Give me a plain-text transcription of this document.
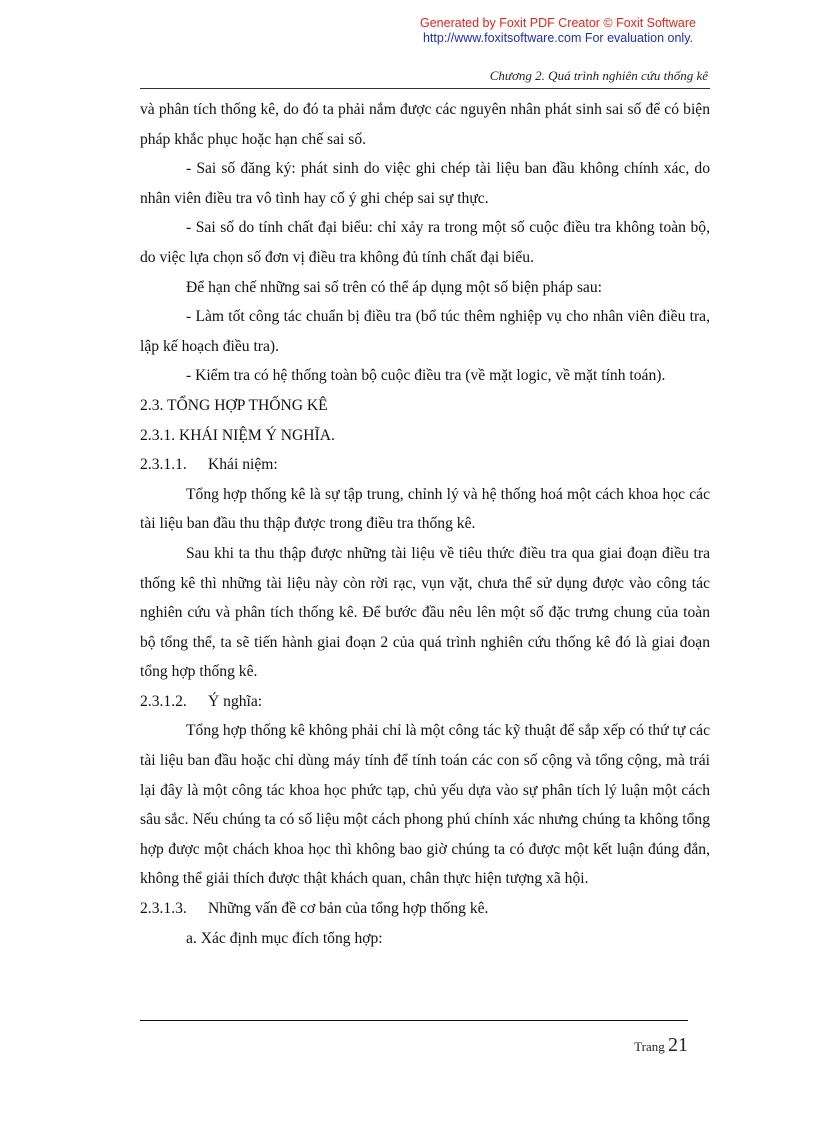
Generated by Foxit PDF Creator © Foxit Software
http://www.foxitsoftware.com For evaluation only.
Chương 2. Quá trình nghiên cứu thống kê

và phân tích thống kê, do đó ta phải nắm được các nguyên nhân phát sinh sai số để có biện pháp khắc phục hoặc hạn chế sai số.

- Sai số đăng ký: phát sinh do việc ghi chép tài liệu ban đầu không chính xác, do nhân viên điều tra vô tình hay cố ý ghi chép sai sự thực.

- Sai số do tính chất đại biểu: chỉ xảy ra trong một số cuộc điều tra không toàn bộ, do việc lựa chọn số đơn vị điều tra không đủ tính chất đại biểu.

Để hạn chế những sai số trên có thể áp dụng một số biện pháp sau:

- Làm tốt công tác chuẩn bị điều tra (bổ túc thêm nghiệp vụ cho nhân viên điều tra, lập kế hoạch điều tra).

- Kiểm tra có hệ thống toàn bộ cuộc điều tra (về mặt logic, về mặt tính toán).

2.3. TỔNG HỢP THỐNG KÊ

2.3.1. KHÁI NIỆM Ý NGHĨA.

2.3.1.1. Khái niệm:

Tổng hợp thống kê là sự tập trung, chỉnh lý và hệ thống hoá một cách khoa học các tài liệu ban đầu thu thập được trong điều tra thống kê.

Sau khi ta thu thập được những tài liệu về tiêu thức điều tra qua giai đoạn điều tra thống kê thì những tài liệu này còn rời rạc, vụn vặt, chưa thể sử dụng được vào công tác nghiên cứu và phân tích thống kê. Để bước đầu nêu lên một số đặc trưng chung của toàn bộ tổng thể, ta sẽ tiến hành giai đoạn 2 của quá trình nghiên cứu thống kê đó là giai đoạn tổng hợp thống kê.

2.3.1.2. Ý nghĩa:

Tổng hợp thống kê không phải chỉ là một công tác kỹ thuật để sắp xếp có thứ tự các tài liệu ban đầu hoặc chỉ dùng máy tính để tính toán các con số cộng và tổng cộng, mà trái lại đây là một công tác khoa học phức tạp, chủ yếu dựa vào sự phân tích lý luận một cách sâu sắc. Nếu chúng ta có số liệu một cách phong phú chính xác nhưng chúng ta không tổng hợp được một chách khoa học thì không bao giờ chúng ta có được một kết luận đúng đắn, không thể giải thích được thật khách quan, chân thực hiện tượng xã hội.

2.3.1.3. Những vấn đề cơ bản của tổng hợp thống kê.

a. Xác định mục đích tổng hợp:

Trang 21
